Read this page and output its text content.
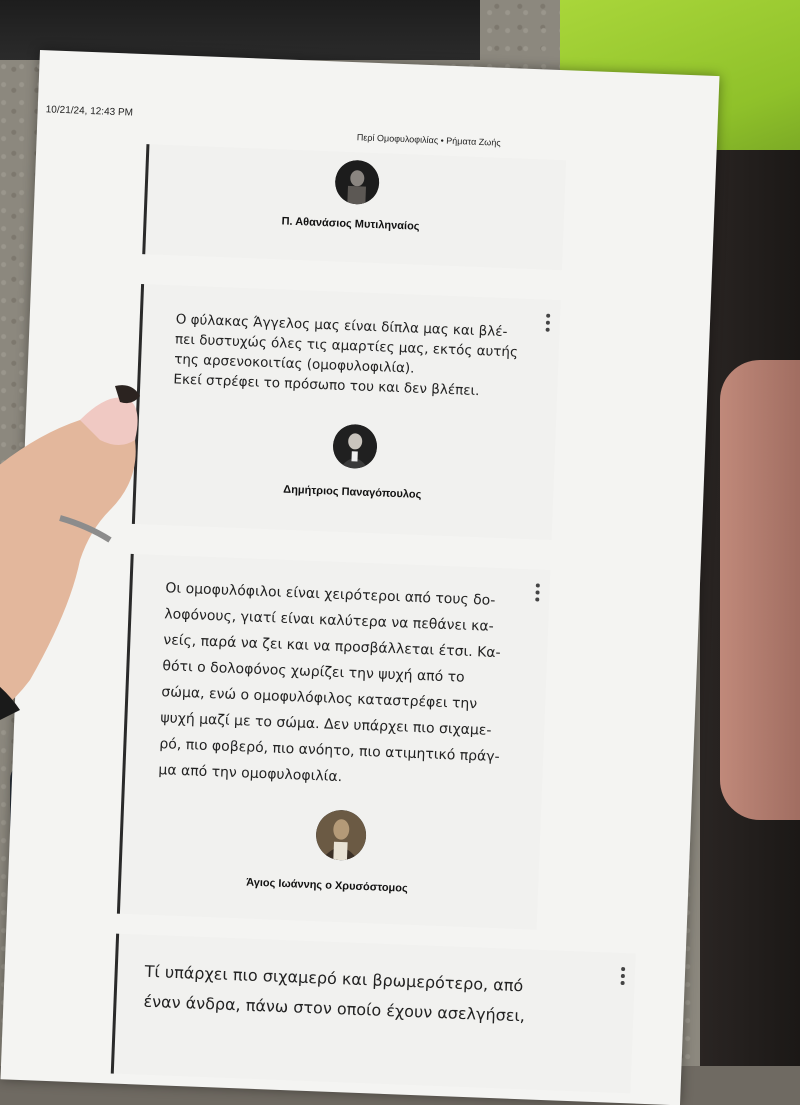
10/21/24, 12:43 PM
Περί Ομοφυλοφιλίας • Ρήματα Ζωής
Π. Αθανάσιος Μυτιληναίος
Ο φύλακας Άγγελος μας είναι δίπλα μας και βλέ-
πει δυστυχώς όλες τις αμαρτίες μας, εκτός αυτής
της αρσενοκοιτίας (ομοφυλοφιλία).
Εκεί στρέφει το πρόσωπο του και δεν βλέπει.
Δημήτριος Παναγόπουλος
Οι ομοφυλόφιλοι είναι χειρότεροι από τους δο-
λοφόνους, γιατί είναι καλύτερα να πεθάνει κα-
νείς, παρά να ζει και να προσβάλλεται έτσι. Κα-
θότι ο δολοφόνος χωρίζει την ψυχή από το
σώμα, ενώ ο ομοφυλόφιλος καταστρέφει την
ψυχή μαζί με το σώμα. Δεν υπάρχει πιο σιχαμε-
ρό, πιο φοβερό, πιο ανόητο, πιο ατιμητικό πράγ-
μα από την ομοφυλοφιλία.
Άγιος Ιωάννης ο Χρυσόστομος
Τί υπάρχει πιο σιχαμερό και βρωμερότερο, από
έναν άνδρα, πάνω στον οποίο έχουν ασελγήσει,
